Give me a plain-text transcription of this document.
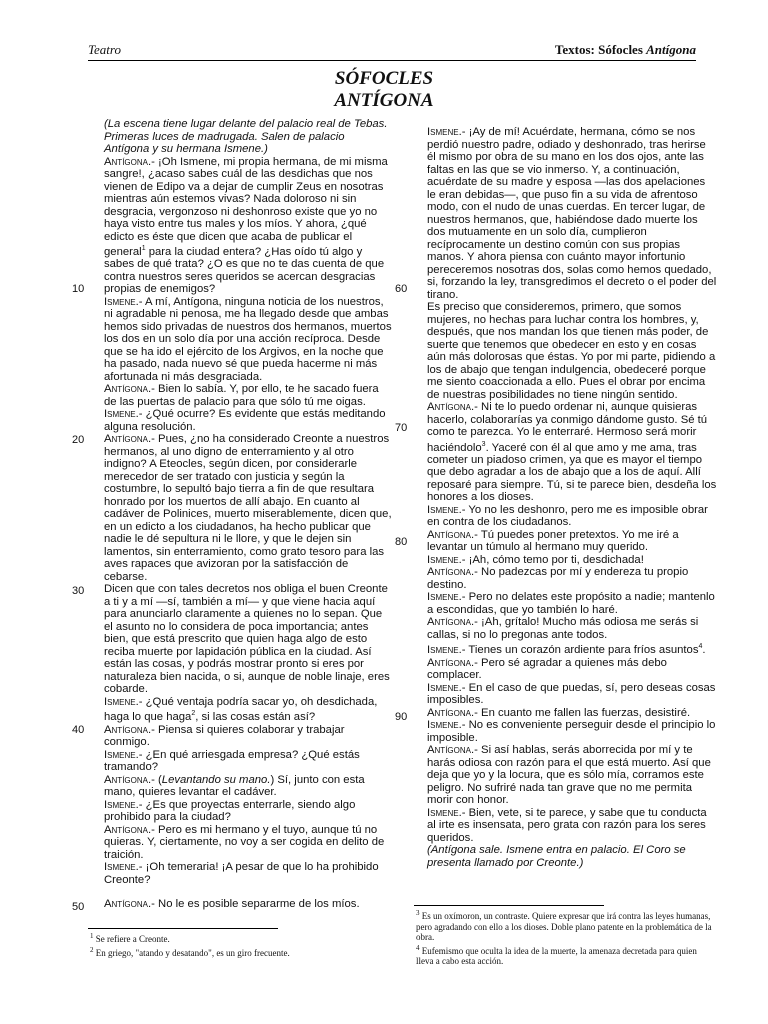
Teatro	Textos: Sófocles Antígona
SÓFOCLES
ANTÍGONA
10
20
30
40
50
60
70
80
90

(La escena tiene lugar delante del palacio real de Tebas. Primeras luces de madrugada. Salen de palacio Antígona y su hermana Ismene.)

Antígona.- ¡Oh Ismene, mi propia hermana, de mi misma sangre!, ¿acaso sabes cuál de las desdichas que nos vienen de Edipo va a dejar de cumplir Zeus en nosotras mientras aún estemos vivas? Nada doloroso ni sin desgracia, vergonzoso ni deshonroso existe que yo no haya visto entre tus males y los míos. Y ahora, ¿qué edicto es éste que dicen que acaba de publicar el general$^1$ para la ciudad entera? ¿Has oído tú algo y sabes de qué trata? ¿O es que no te das cuenta de que contra nuestros seres queridos se acercan desgracias propias de enemigos?

Ismene.- A mí, Antígona, ninguna noticia de los nuestros, ni agradable ni penosa, me ha llegado desde que ambas hemos sido privadas de nuestros dos hermanos, muertos los dos en un solo día por una acción recíproca. Desde que se ha ido el ejército de los Argivos, en la noche que ha pasado, nada nuevo sé que pueda hacerme ni más afortunada ni más desgraciada.

Antígona.- Bien lo sabía. Y, por ello, te he sacado fuera de las puertas de palacio para que sólo tú me oigas.

Ismene.- ¿Qué ocurre? Es evidente que estás meditando alguna resolución.

Antígona.- Pues, ¿no ha considerado Creonte a nuestros hermanos, al uno digno de enterramiento y al otro indigno? A Eteocles, según dicen, por considerarle merecedor de ser tratado con justicia y según la costumbre, lo sepultó bajo tierra a fin de que resultara honrado por los muertos de allí abajo. En cuanto al cadáver de Polinices, muerto miserablemente, dicen que, en un edicto a los ciudadanos, ha hecho publicar que nadie le dé sepultura ni le llore, y que le dejen sin lamentos, sin enterramiento, como grato tesoro para las aves rapaces que avizoran por la satisfacción de cebarse.

Dicen que con tales decretos nos obliga el buen Creonte a ti y a mí —sí, también a mí— y que viene hacia aquí para anunciarlo claramente a quienes no lo sepan. Que el asunto no lo considera de poca importancia; antes bien, que está prescrito que quien haga algo de esto reciba muerte por lapidación pública en la ciudad. Así están las cosas, y podrás mostrar pronto si eres por naturaleza bien nacida, o si, aunque de noble linaje, eres cobarde.

Ismene.- ¿Qué ventaja podría sacar yo, oh desdichada, haga lo que haga$^2$, si las cosas están así?

Antígona.- Piensa si quieres colaborar y trabajar conmigo.

Ismene.- ¿En qué arriesgada empresa? ¿Qué estás tramando?

Antígona.- (Levantando su mano.) Sí, junto con esta mano, quieres levantar el cadáver.

Ismene.- ¿Es que proyectas enterrarle, siendo algo prohibido para la ciudad?

Antígona.- Pero es mi hermano y el tuyo, aunque tú no quieras. Y, ciertamente, no voy a ser cogida en delito de traición.

Ismene.- ¡Oh temeraria! ¡A pesar de que lo ha prohibido Creonte?

Antígona.- No le es posible separarme de los míos.

Ismene.- ¡Ay de mí! Acuérdate, hermana, cómo se nos perdió nuestro padre, odiado y deshonrado, tras herirse él mismo por obra de su mano en los dos ojos, ante las faltas en las que se vio inmerso. Y, a continuación, acuérdate de su madre y esposa —las dos apelaciones le eran debidas—, que puso fin a su vida de afrentoso modo, con el nudo de unas cuerdas. En tercer lugar, de nuestros hermanos, que, habiéndose dado muerte los dos mutuamente en un solo día, cumplieron recíprocamente un destino común con sus propias manos. Y ahora piensa con cuánto mayor infortunio pereceremos nosotras dos, solas como hemos quedado, si, forzando la ley, transgredimos el decreto o el poder del tirano.

Es preciso que consideremos, primero, que somos mujeres, no hechas para luchar contra los hombres, y, después, que nos mandan los que tienen más poder, de suerte que tenemos que obedecer en esto y en cosas aún más dolorosas que éstas. Yo por mi parte, pidiendo a los de abajo que tengan indulgencia, obedeceré porque me siento coaccionada a ello. Pues el obrar por encima de nuestras posibilidades no tiene ningún sentido.

Antígona.- Ni te lo puedo ordenar ni, aunque quisieras hacerlo, colaborarías ya conmigo dándome gusto. Sé tú como te parezca. Yo le enterraré. Hermoso será morir haciéndolo$^3$. Yaceré con él al que amo y me ama, tras cometer un piadoso crimen, ya que es mayor el tiempo que debo agradar a los de abajo que a los de aquí. Allí reposaré para siempre. Tú, si te parece bien, desdeña los honores a los dioses.

Ismene.- Yo no les deshonro, pero me es imposible obrar en contra de los ciudadanos.

Antígona.- Tú puedes poner pretextos. Yo me iré a levantar un túmulo al hermano muy querido.

Ismene.- ¡Ah, cómo temo por ti, desdichada!

Antígona.- No padezcas por mí y endereza tu propio destino.

Ismene.- Pero no delates este propósito a nadie; mantenlo a escondidas, que yo también lo haré.

Antígona.- ¡Ah, grítalo! Mucho más odiosa me serás si callas, si no lo pregonas ante todos.

Ismene.- Tienes un corazón ardiente para fríos asuntos$^4$.

Antígona.- Pero sé agradar a quienes más debo complacer.

Ismene.- En el caso de que puedas, sí, pero deseas cosas imposibles.

Antígona.- En cuanto me fallen las fuerzas, desistiré.

Ismene.- No es conveniente perseguir desde el principio lo imposible.

Antígona.- Si así hablas, serás aborrecida por mí y te harás odiosa con razón para el que está muerto. Así que deja que yo y la locura, que es sólo mía, corramos este peligro. No sufriré nada tan grave que no me permita morir con honor.

Ismene.- Bien, vete, si te parece, y sabe que tu conducta al irte es insensata, pero grata con razón para los seres queridos.

(Antígona sale. Ismene entra en palacio. El Coro se presenta llamado por Creonte.)

$^1$ Se refiere a Creonte.

$^2$ En griego, "atando y desatando", es un giro frecuente.

$^3$ Es un oxímoron, un contraste. Quiere expresar que irá contra las leyes humanas, pero agradando con ello a los dioses. Doble plano patente en la problemática de la obra.

$^4$ Eufemismo que oculta la idea de la muerte, la amenaza decretada para quien lleva a cabo esta acción.
